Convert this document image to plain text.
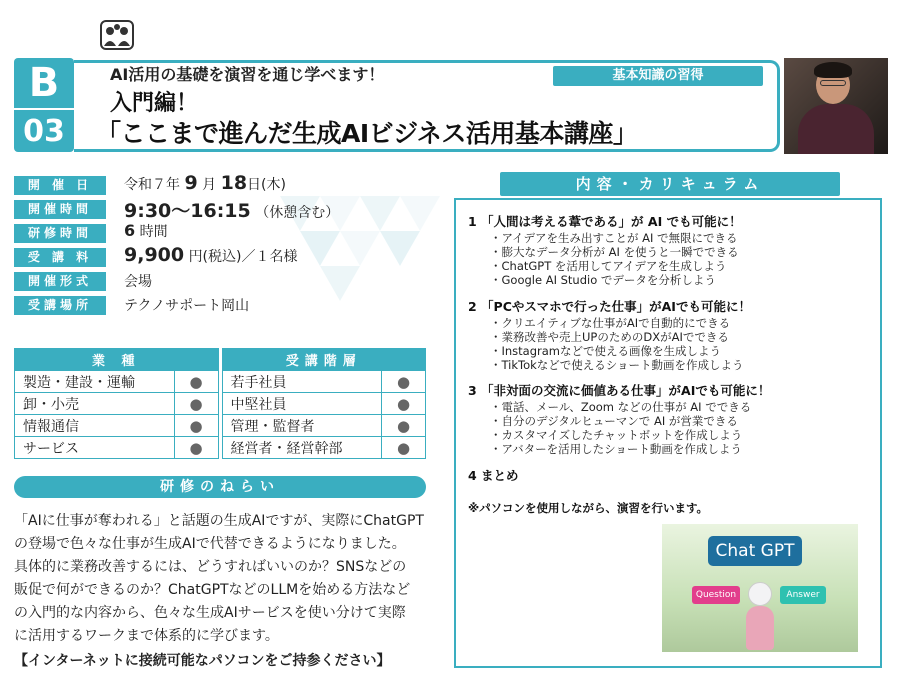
B
03
AI活用の基礎を演習を通じ学べます！
入門編！
「ここまで進んだ生成AIビジネス活用基本講座」
基本知識の習得
開 催 日	令和７年 9 月 18日(木)
開催時間	9:30～16:15 （休憩含む）
研修時間	6 時間
受 講 料	9,900 円(税込)／１名様
開催形式	会場
受講場所	テクノサポート岡山
業 種			受講階層	
製造・建設・運輸	●		若手社員	●
卸・小売	●		中堅社員	●
情報通信	●		管理・監督者	●
サービス	●		経営者・経営幹部	●
研修のねらい
「AIに仕事が奪われる」と話題の生成AIですが、実際にChatGPT
の登場で色々な仕事が生成AIで代替できるようになりました。
具体的に業務改善するには、どうすればいいのか？SNSなどの
販促で何ができるのか？ChatGPTなどのLLMを始める方法など
の入門的な内容から、色々な生成AIサービスを使い分けて実際
に活用するワークまで体系的に学びます。
【インターネットに接続可能なパソコンをご持参ください】
内容・カリキュラム
1 「人間は考える葦である」が AI でも可能に！
・アイデアを生み出すことが AI で無限にできる
・膨大なデータ分析が AI を使うと一瞬でできる
・ChatGPT を活用してアイデアを生成しよう
・Google AI Studio でデータを分析しよう
2 「PCやスマホで行った仕事」がAIでも可能に！
・クリエイティブな仕事がAIで自動的にできる
・業務改善や売上UPのためのDXがAIでできる
・Instagramなどで使える画像を生成しよう
・TikTokなどで使えるショート動画を作成しよう
3 「非対面の交流に価値ある仕事」がAIでも可能に！
・電話、メール、Zoom などの仕事が AI でできる
・自分のデジタルヒューマンで AI が営業できる
・カスタマイズしたチャットボットを作成しよう
・アバターを活用したショート動画を作成しよう
4 まとめ
※パソコンを使用しながら、演習を行います。
Chat GPT
Question	Answer
